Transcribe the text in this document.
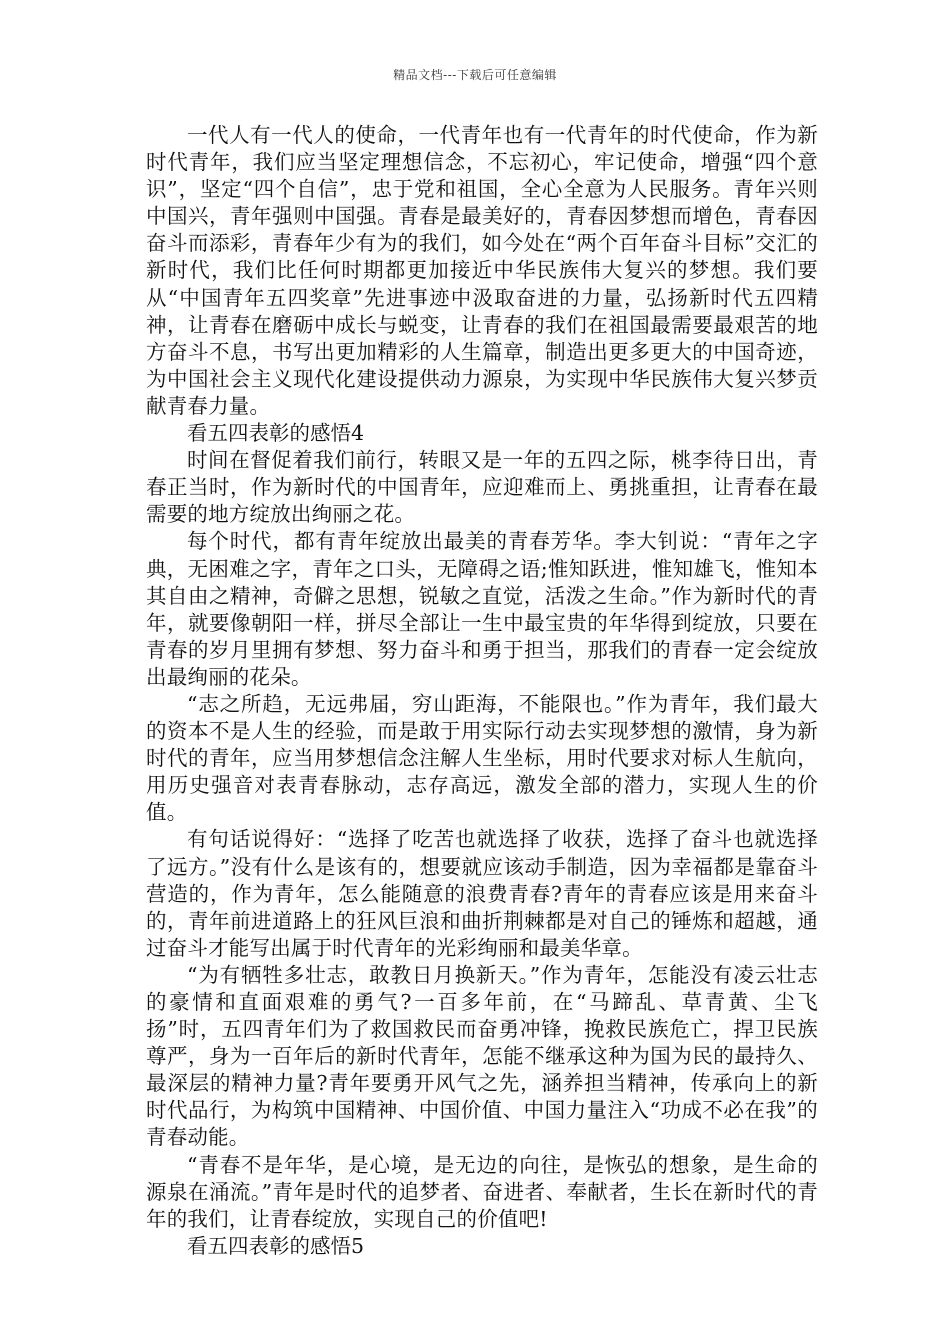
精品文档---下载后可任意编辑

一代人有一代人的使命，一代青年也有一代青年的时代使命，作为新时代青年，我们应当坚定理想信念，不忘初心，牢记使命，增强“四个意识”，坚定“四个自信”，忠于党和祖国，全心全意为人民服务。青年兴则中国兴，青年强则中国强。青春是最美好的，青春因梦想而增色，青春因奋斗而添彩，青春年少有为的我们，如今处在“两个百年奋斗目标”交汇的新时代，我们比任何时期都更加接近中华民族伟大复兴的梦想。我们要从“中国青年五四奖章”先进事迹中汲取奋进的力量，弘扬新时代五四精神，让青春在磨砺中成长与蜕变，让青春的我们在祖国最需要最艰苦的地方奋斗不息，书写出更加精彩的人生篇章，制造出更多更大的中国奇迹，为中国社会主义现代化建设提供动力源泉，为实现中华民族伟大复兴梦贡献青春力量。

看五四表彰的感悟4

时间在督促着我们前行，转眼又是一年的五四之际，桃李待日出，青春正当时，作为新时代的中国青年，应迎难而上、勇挑重担，让青春在最需要的地方绽放出绚丽之花。

每个时代，都有青年绽放出最美的青春芳华。李大钊说：“青年之字典，无困难之字，青年之口头，无障碍之语;惟知跃进，惟知雄飞，惟知本其自由之精神，奇僻之思想，锐敏之直觉，活泼之生命。”作为新时代的青年，就要像朝阳一样，拼尽全部让一生中最宝贵的年华得到绽放，只要在青春的岁月里拥有梦想、努力奋斗和勇于担当，那我们的青春一定会绽放出最绚丽的花朵。

“志之所趋，无远弗届，穷山距海，不能限也。”作为青年，我们最大的资本不是人生的经验，而是敢于用实际行动去实现梦想的激情，身为新时代的青年，应当用梦想信念注解人生坐标，用时代要求对标人生航向，用历史强音对表青春脉动，志存高远，激发全部的潜力，实现人生的价值。

有句话说得好：“选择了吃苦也就选择了收获，选择了奋斗也就选择了远方。”没有什么是该有的，想要就应该动手制造，因为幸福都是靠奋斗营造的，作为青年，怎么能随意的浪费青春?青年的青春应该是用来奋斗的，青年前进道路上的狂风巨浪和曲折荆棘都是对自己的锤炼和超越，通过奋斗才能写出属于时代青年的光彩绚丽和最美华章。

“为有牺牲多壮志，敢教日月换新天。”作为青年，怎能没有凌云壮志的豪情和直面艰难的勇气?一百多年前，在“马蹄乱、草青黄、尘飞扬”时，五四青年们为了救国救民而奋勇冲锋，挽救民族危亡，捍卫民族尊严，身为一百年后的新时代青年，怎能不继承这种为国为民的最持久、最深层的精神力量?青年要勇开风气之先，涵养担当精神，传承向上的新时代品行，为构筑中国精神、中国价值、中国力量注入“功成不必在我”的青春动能。

“青春不是年华，是心境，是无边的向往，是恢弘的想象，是生命的源泉在涌流。”青年是时代的追梦者、奋进者、奉献者，生长在新时代的青年的我们，让青春绽放，实现自己的价值吧!

看五四表彰的感悟5
